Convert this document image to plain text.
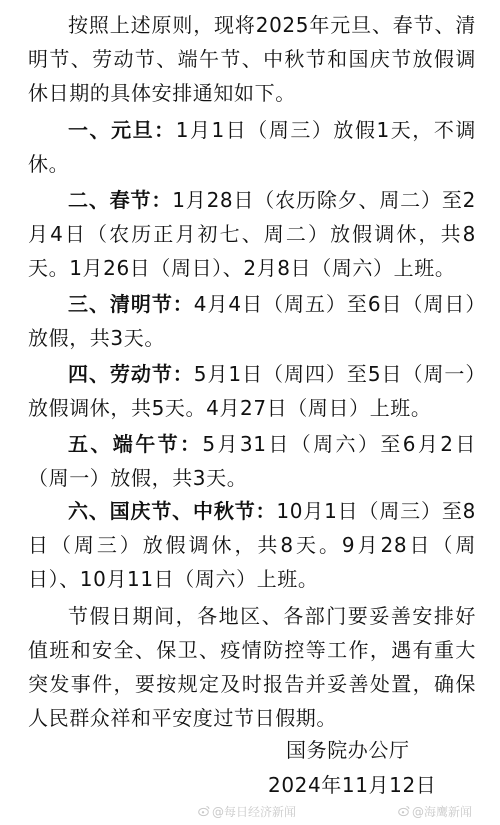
按照上述原则，现将2025年元旦、春节、清明节、劳动节、端午节、中秋节和国庆节放假调休日期的具体安排通知如下。

一、元旦：1月1日（周三）放假1天，不调休。

二、春节：1月28日（农历除夕、周二）至2月4日（农历正月初七、周二）放假调休，共8天。1月26日（周日）、2月8日（周六）上班。

三、清明节：4月4日（周五）至6日（周日）放假，共3天。

四、劳动节：5月1日（周四）至5日（周一）放假调休，共5天。4月27日（周日）上班。

五、端午节：5月31日（周六）至6月2日（周一）放假，共3天。

六、国庆节、中秋节：10月1日（周三）至8日（周三）放假调休，共8天。9月28日（周日）、10月11日（周六）上班。

节假日期间，各地区、各部门要妥善安排好值班和安全、保卫、疫情防控等工作，遇有重大突发事件，要按规定及时报告并妥善处置，确保人民群众祥和平安度过节日假期。

国务院办公厅
2024年11月12日
@每日经济新闻	@海鹰新闻
